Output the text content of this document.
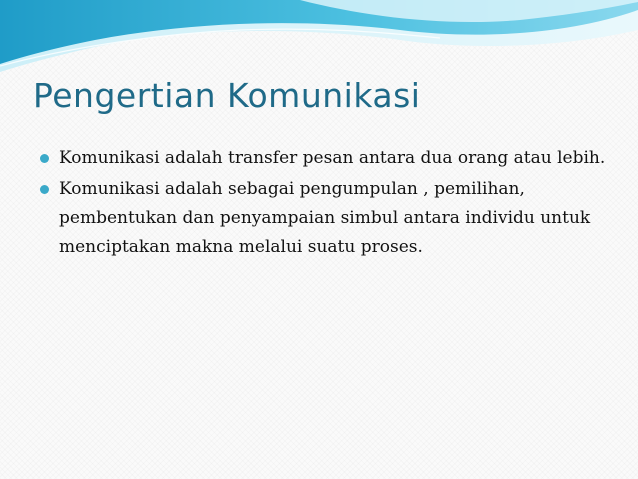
Pengertian Komunikasi
Komunikasi adalah transfer pesan antara dua orang atau lebih.
Komunikasi adalah sebagai pengumpulan , pemilihan, pembentukan dan penyampaian simbul antara individu untuk menciptakan makna melalui suatu proses.
